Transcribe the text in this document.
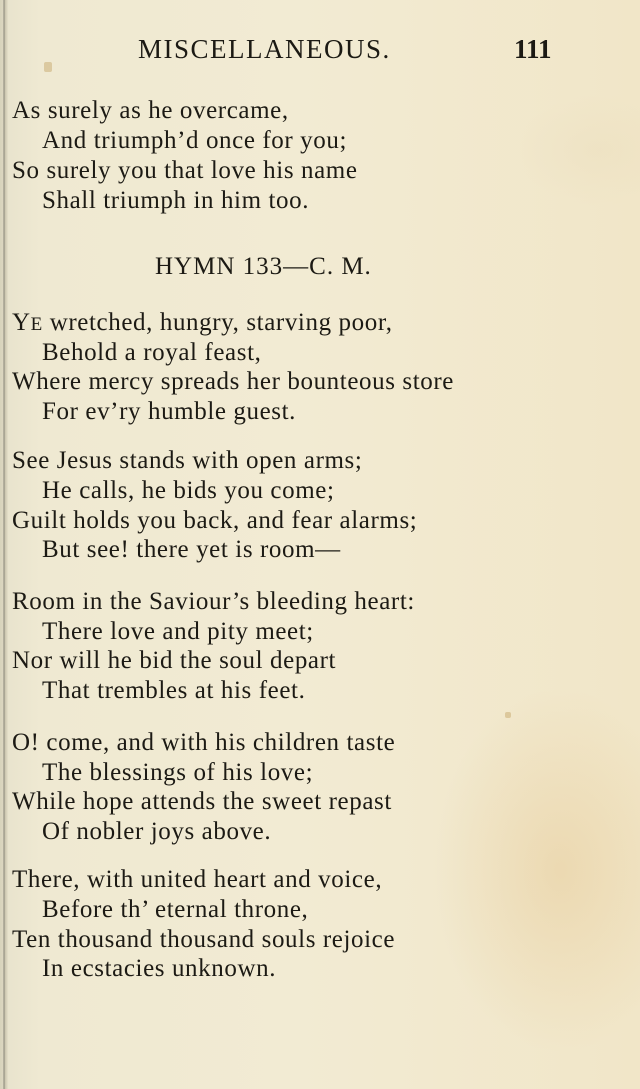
MISCELLANEOUS.	111
As surely as he overcame,
And triumph’d once for you;
So surely you that love his name
Shall triumph in him too.
HYMN 133—C. M.
YE wretched, hungry, starving poor,
Behold a royal feast,
Where mercy spreads her bounteous store
For ev’ry humble guest.
See Jesus stands with open arms;
He calls, he bids you come;
Guilt holds you back, and fear alarms;
But see! there yet is room—
Room in the Saviour’s bleeding heart:
There love and pity meet;
Nor will he bid the soul depart
That trembles at his feet.
O! come, and with his children taste
The blessings of his love;
While hope attends the sweet repast
Of nobler joys above.
There, with united heart and voice,
Before th’ eternal throne,
Ten thousand thousand souls rejoice
In ecstacies unknown.
